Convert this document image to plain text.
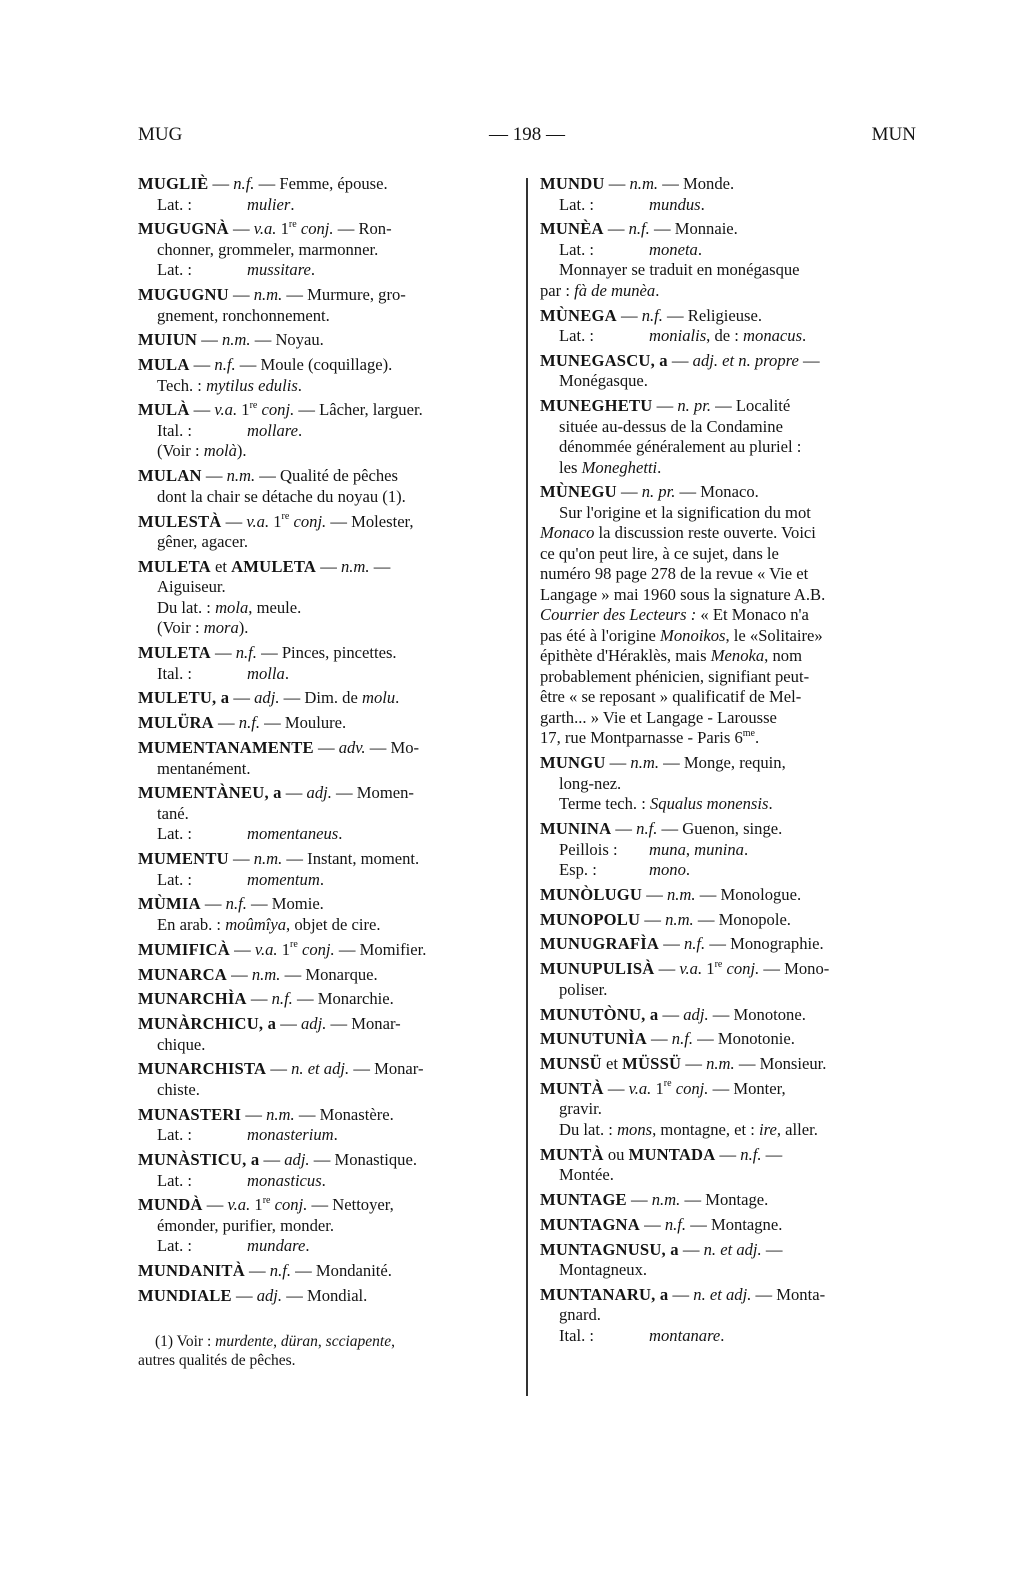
MUG	— 198 —	MUN
MUGLIÈ — n.f. — Femme, épouse.
Lat. :	mulier.
MUGUGNÀ — v.a. 1re conj. — Ron-
chonner, grommeler, marmonner.
Lat. :	mussitare.
MUGUGNU — n.m. — Murmure, gro-
gnement, ronchonnement.
MUIUN — n.m. — Noyau.
MULA — n.f. — Moule (coquillage).
Tech. : mytilus edulis.
MULÀ — v.a. 1re conj. — Lâcher, larguer.
Ital. :	mollare.
(Voir : molà).
MULAN — n.m. — Qualité de pêches
dont la chair se détache du noyau (1).
MULESTÀ — v.a. 1re conj. — Molester,
gêner, agacer.
MULETA et AMULETA — n.m. —
Aiguiseur.
Du lat. : mola, meule.
(Voir : mora).
MULETA — n.f. — Pinces, pincettes.
Ital. :	molla.
MULETU, a — adj. — Dim. de molu.
MULÜRA — n.f. — Moulure.
MUMENTANAMENTE — adv. — Mo-
mentanément.
MUMENTÀNEU, a — adj. — Momen-
tané.
Lat. :	momentaneus.
MUMENTU — n.m. — Instant, moment.
Lat. :	momentum.
MÙMIA — n.f. — Momie.
En arab. : moûmîya, objet de cire.
MUMIFICÀ — v.a. 1re conj. — Momifier.
MUNARCA — n.m. — Monarque.
MUNARCHÌA — n.f. — Monarchie.
MUNÀRCHICU, a — adj. — Monar-
chique.
MUNARCHISTA — n. et adj. — Monar-
chiste.
MUNASTERI — n.m. — Monastère.
Lat. :	monasterium.
MUNÀSTICU, a — adj. — Monastique.
Lat. :	monasticus.
MUNDÀ — v.a. 1re conj. — Nettoyer,
émonder, purifier, monder.
Lat. :	mundare.
MUNDANITÀ — n.f. — Mondanité.
MUNDIALE — adj. — Mondial.
(1) Voir : murdente, düran, scciapente,
autres qualités de pêches.
MUNDU — n.m. — Monde.
Lat. :	mundus.
MUNÈA — n.f. — Monnaie.
Lat. :	moneta.
Monnayer se traduit en monégasque
par : fà de munèa.
MÙNEGA — n.f. — Religieuse.
Lat. :	monialis, de : monacus.
MUNEGASCU, a — adj. et n. propre —
Monégasque.
MUNEGHETU — n. pr. — Localité
située au-dessus de la Condamine
dénommée généralement au pluriel :
les Moneghetti.
MÙNEGU — n. pr. — Monaco.
Sur l'origine et la signification du mot
Monaco la discussion reste ouverte. Voici
ce qu'on peut lire, à ce sujet, dans le
numéro 98 page 278 de la revue « Vie et
Langage » mai 1960 sous la signature A.B.
Courrier des Lecteurs : « Et Monaco n'a
pas été à l'origine Monoikos, le «Solitaire»
épithète d'Héraklès, mais Menoka, nom
probablement phénicien, signifiant peut-
être « se reposant » qualificatif de Mel-
garth... » Vie et Langage - Larousse
17, rue Montparnasse - Paris $6^{me}$.
MUNGU — n.m. — Monge, requin,
long-nez.
Terme tech. : Squalus monensis.
MUNINA — n.f. — Guenon, singe.
Peillois : muna, munina.
Esp. :	mono.
MUNÒLUGU — n.m. — Monologue.
MUNOPOLU — n.m. — Monopole.
MUNUGRAFÌA — n.f. — Monographie.
MUNUPULISÀ — v.a. 1re conj. — Mono-
poliser.
MUNUTÒNU, a — adj. — Monotone.
MUNUTUNÌA — n.f. — Monotonie.
MUNSÜ et MÜSSÜ — n.m. — Monsieur.
MUNTÀ — v.a. 1re conj. — Monter,
gravir.
Du lat. : mons, montagne, et : ire, aller.
MUNTÀ ou MUNTADA — n.f. —
Montée.
MUNTAGE — n.m. — Montage.
MUNTAGNA — n.f. — Montagne.
MUNTAGNUSU, a — n. et adj. —
Montagneux.
MUNTANARU, a — n. et adj. — Monta-
gnard.
Ital. :	montanare.
